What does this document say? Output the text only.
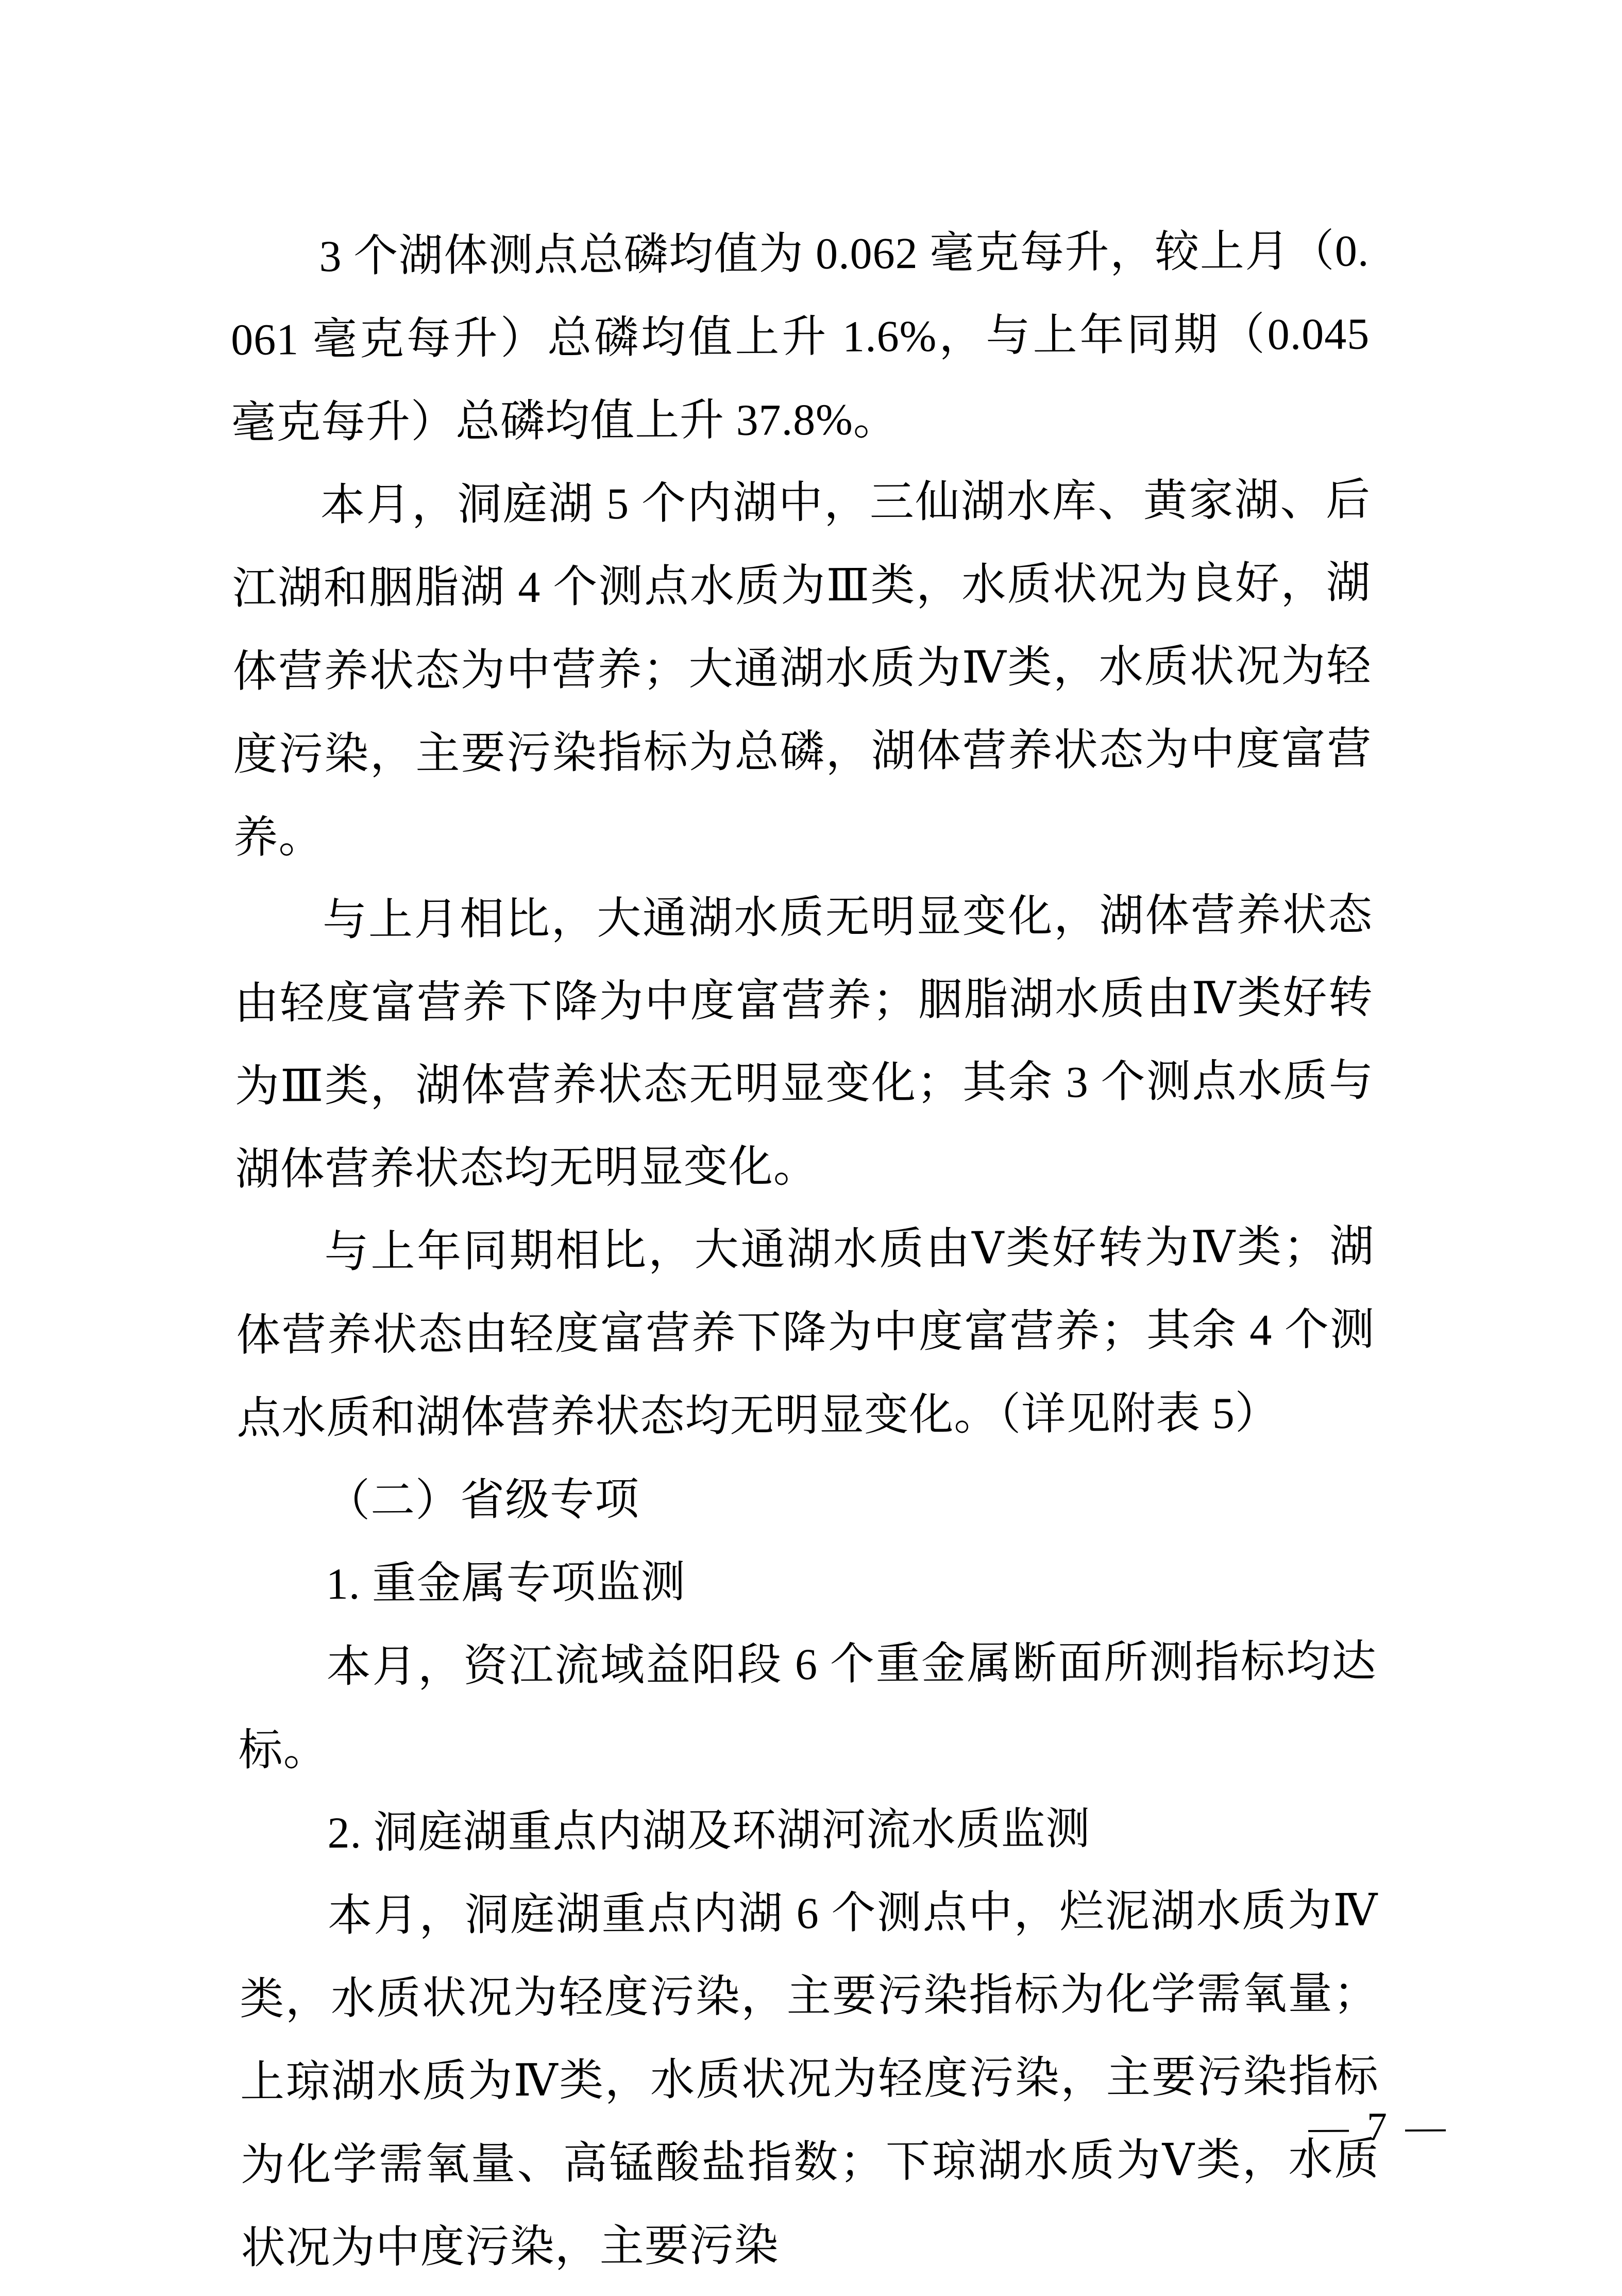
3 个湖体测点总磷均值为 0.062 毫克每升，较上月（0.061 毫克每升）总磷均值上升 1.6%，与上年同期（0.045 毫克每升）总磷均值上升 37.8%。

本月，洞庭湖 5 个内湖中，三仙湖水库、黄家湖、后江湖和胭脂湖 4 个测点水质为Ⅲ类，水质状况为良好，湖体营养状态为中营养；大通湖水质为Ⅳ类，水质状况为轻度污染，主要污染指标为总磷，湖体营养状态为中度富营养。

与上月相比，大通湖水质无明显变化，湖体营养状态由轻度富营养下降为中度富营养；胭脂湖水质由Ⅳ类好转为Ⅲ类，湖体营养状态无明显变化；其余 3 个测点水质与湖体营养状态均无明显变化。

与上年同期相比，大通湖水质由Ⅴ类好转为Ⅳ类；湖体营养状态由轻度富营养下降为中度富营养；其余 4 个测点水质和湖体营养状态均无明显变化。（详见附表 5）

（二）省级专项

1. 重金属专项监测

本月，资江流域益阳段 6 个重金属断面所测指标均达标。

2. 洞庭湖重点内湖及环湖河流水质监测

本月，洞庭湖重点内湖 6 个测点中，烂泥湖水质为Ⅳ类，水质状况为轻度污染，主要污染指标为化学需氧量；上琼湖水质为Ⅳ类，水质状况为轻度污染，主要污染指标为化学需氧量、高锰酸盐指数；下琼湖水质为Ⅴ类，水质状况为中度污染，主要污染

— 7 —
